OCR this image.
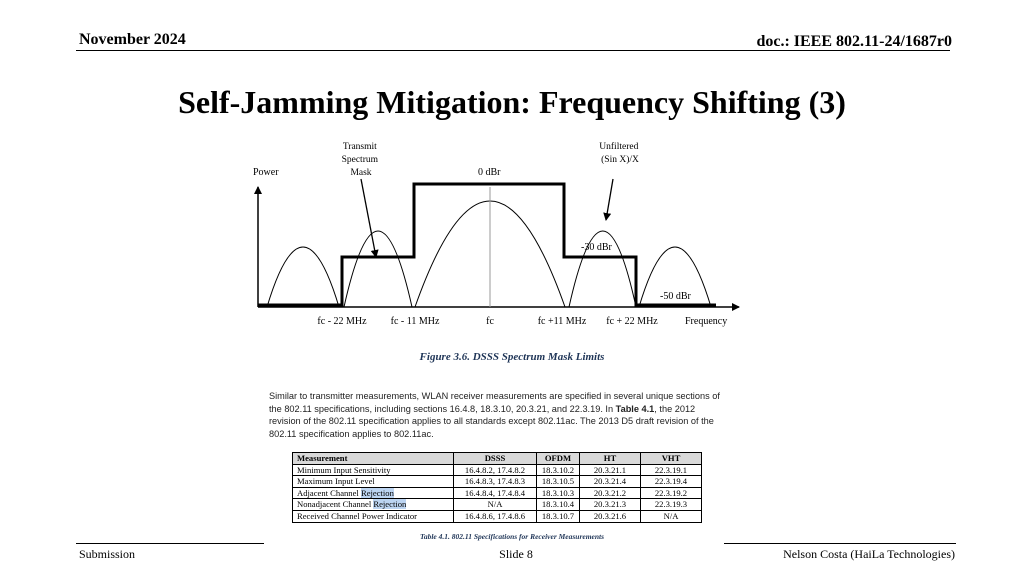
November 2024	doc.: IEEE 802.11-24/1687r0
Self-Jamming Mitigation: Frequency Shifting (3)
Power
Transmit Spectrum Mask
Unfiltered (Sin X)/X
0 dBr
-30 dBr
-50 dBr
fc - 22 MHz fc - 11 MHz	fc	fc +11 MHz fc + 22 MHz	Frequency
Figure 3.6. DSSS Spectrum Mask Limits
Similar to transmitter measurements, WLAN receiver measurements are specified in several unique sections of the 802.11 specifications, including sections 16.4.8, 18.3.10, 20.3.21, and 22.3.19. In Table 4.1, the 2012 revision of the 802.11 specification applies to all standards except 802.11ac. The 2013 D5 draft revision of the 802.11 specification applies to 802.11ac.
Measurement	DSSS	OFDM	HT	VHT
Minimum Input Sensitivity	16.4.8.2, 17.4.8.2	18.3.10.2	20.3.21.1	22.3.19.1
Maximum Input Level	16.4.8.3, 17.4.8.3	18.3.10.5	20.3.21.4	22.3.19.4
Adjacent Channel Rejection	16.4.8.4, 17.4.8.4	18.3.10.3	20.3.21.2	22.3.19.2
Nonadjacent Channel Rejection	N/A	18.3.10.4	20.3.21.3	22.3.19.3
Received Channel Power Indicator	16.4.8.6, 17.4.8.6	18.3.10.7	20.3.21.6	N/A
Table 4.1. 802.11 Specifications for Receiver Measurements
Submission	Slide 8	Nelson Costa (HaiLa Technologies)
